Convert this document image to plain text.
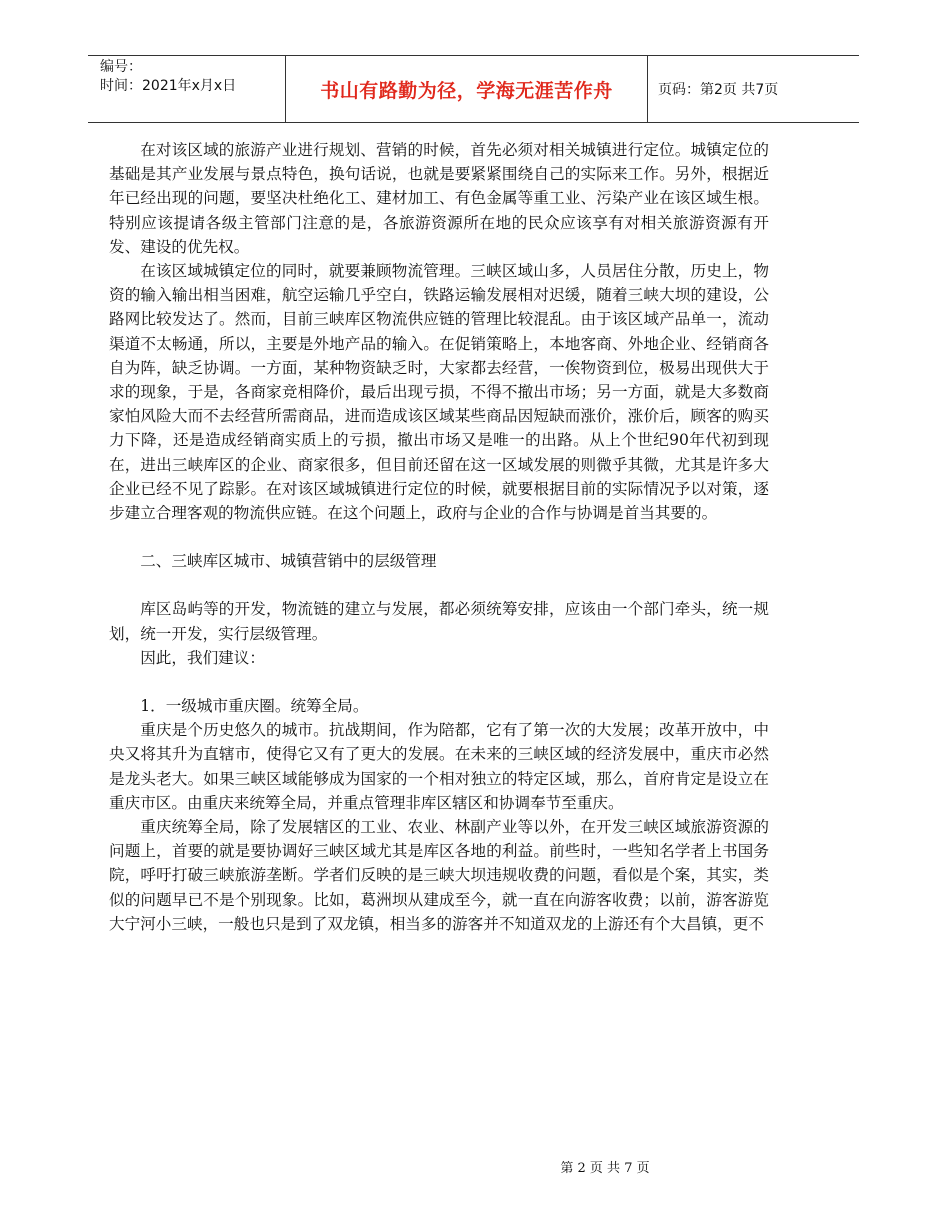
编号：
时间：2021年x月x日	书山有路勤为径，学海无涯苦作舟	页码：第2页 共7页

在对该区域的旅游产业进行规划、营销的时候，首先必须对相关城镇进行定位。城镇定位的基础是其产业发展与景点特色，换句话说，也就是要紧紧围绕自己的实际来工作。另外，根据近年已经出现的问题，要坚决杜绝化工、建材加工、有色金属等重工业、污染产业在该区域生根。特别应该提请各级主管部门注意的是，各旅游资源所在地的民众应该享有对相关旅游资源有开发、建设的优先权。

在该区域城镇定位的同时，就要兼顾物流管理。三峡区域山多，人员居住分散，历史上，物资的输入输出相当困难，航空运输几乎空白，铁路运输发展相对迟缓，随着三峡大坝的建设，公路网比较发达了。然而，目前三峡库区物流供应链的管理比较混乱。由于该区域产品单一，流动渠道不太畅通，所以，主要是外地产品的输入。在促销策略上，本地客商、外地企业、经销商各自为阵，缺乏协调。一方面，某种物资缺乏时，大家都去经营，一俟物资到位，极易出现供大于求的现象，于是，各商家竞相降价，最后出现亏损，不得不撤出市场；另一方面，就是大多数商家怕风险大而不去经营所需商品，进而造成该区域某些商品因短缺而涨价，涨价后，顾客的购买力下降，还是造成经销商实质上的亏损，撤出市场又是唯一的出路。从上个世纪90年代初到现在，进出三峡库区的企业、商家很多，但目前还留在这一区域发展的则微乎其微，尤其是许多大企业已经不见了踪影。在对该区域城镇进行定位的时候，就要根据目前的实际情况予以对策，逐步建立合理客观的物流供应链。在这个问题上，政府与企业的合作与协调是首当其要的。

二、三峡库区城市、城镇营销中的层级管理

库区岛屿等的开发，物流链的建立与发展，都必须统筹安排，应该由一个部门牵头，统一规划，统一开发，实行层级管理。

因此，我们建议：

1．一级城市重庆圈。统筹全局。

重庆是个历史悠久的城市。抗战期间，作为陪都，它有了第一次的大发展；改革开放中，中央又将其升为直辖市，使得它又有了更大的发展。在未来的三峡区域的经济发展中，重庆市必然是龙头老大。如果三峡区域能够成为国家的一个相对独立的特定区域，那么，首府肯定是设立在重庆市区。由重庆来统筹全局，并重点管理非库区辖区和协调奉节至重庆。

重庆统筹全局，除了发展辖区的工业、农业、林副产业等以外，在开发三峡区域旅游资源的问题上，首要的就是要协调好三峡区域尤其是库区各地的利益。前些时，一些知名学者上书国务院，呼吁打破三峡旅游垄断。学者们反映的是三峡大坝违规收费的问题，看似是个案，其实，类似的问题早已不是个别现象。比如，葛洲坝从建成至今，就一直在向游客收费；以前，游客游览大宁河小三峡，一般也只是到了双龙镇，相当多的游客并不知道双龙的上游还有个大昌镇，更不

第 2 页 共 7 页
